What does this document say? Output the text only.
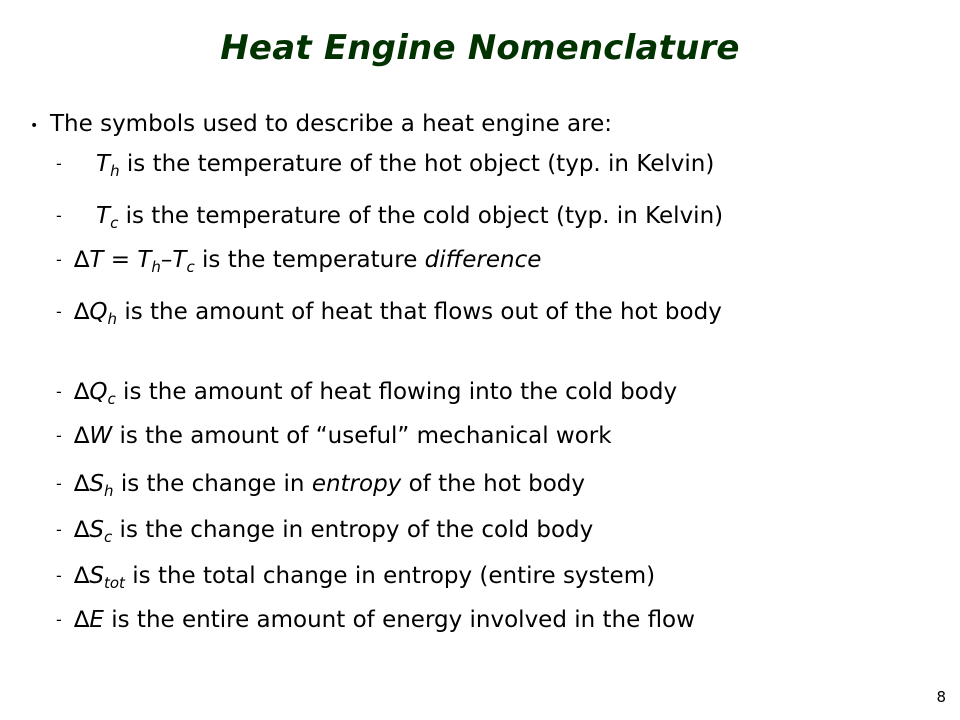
Heat Engine Nomenclature
• The symbols used to describe a heat engine are:
- $T_h$ is the temperature of the hot object (typ. in Kelvin)
- $T_c$ is the temperature of the cold object (typ. in Kelvin)
- $\Delta T = T_h-T_c$ is the temperature difference
- $\Delta Q_h$ is the amount of heat that flows out of the hot body
- $\Delta Q_c$ is the amount of heat flowing into the cold body
- ∆W is the amount of “useful” mechanical work
- $\Delta S_h$ is the change in entropy of the hot body
- $\Delta S_c$ is the change in entropy of the cold body
- $\Delta S_{tot}$ is the total change in entropy (entire system)
- ∆E is the entire amount of energy involved in the flow
8
